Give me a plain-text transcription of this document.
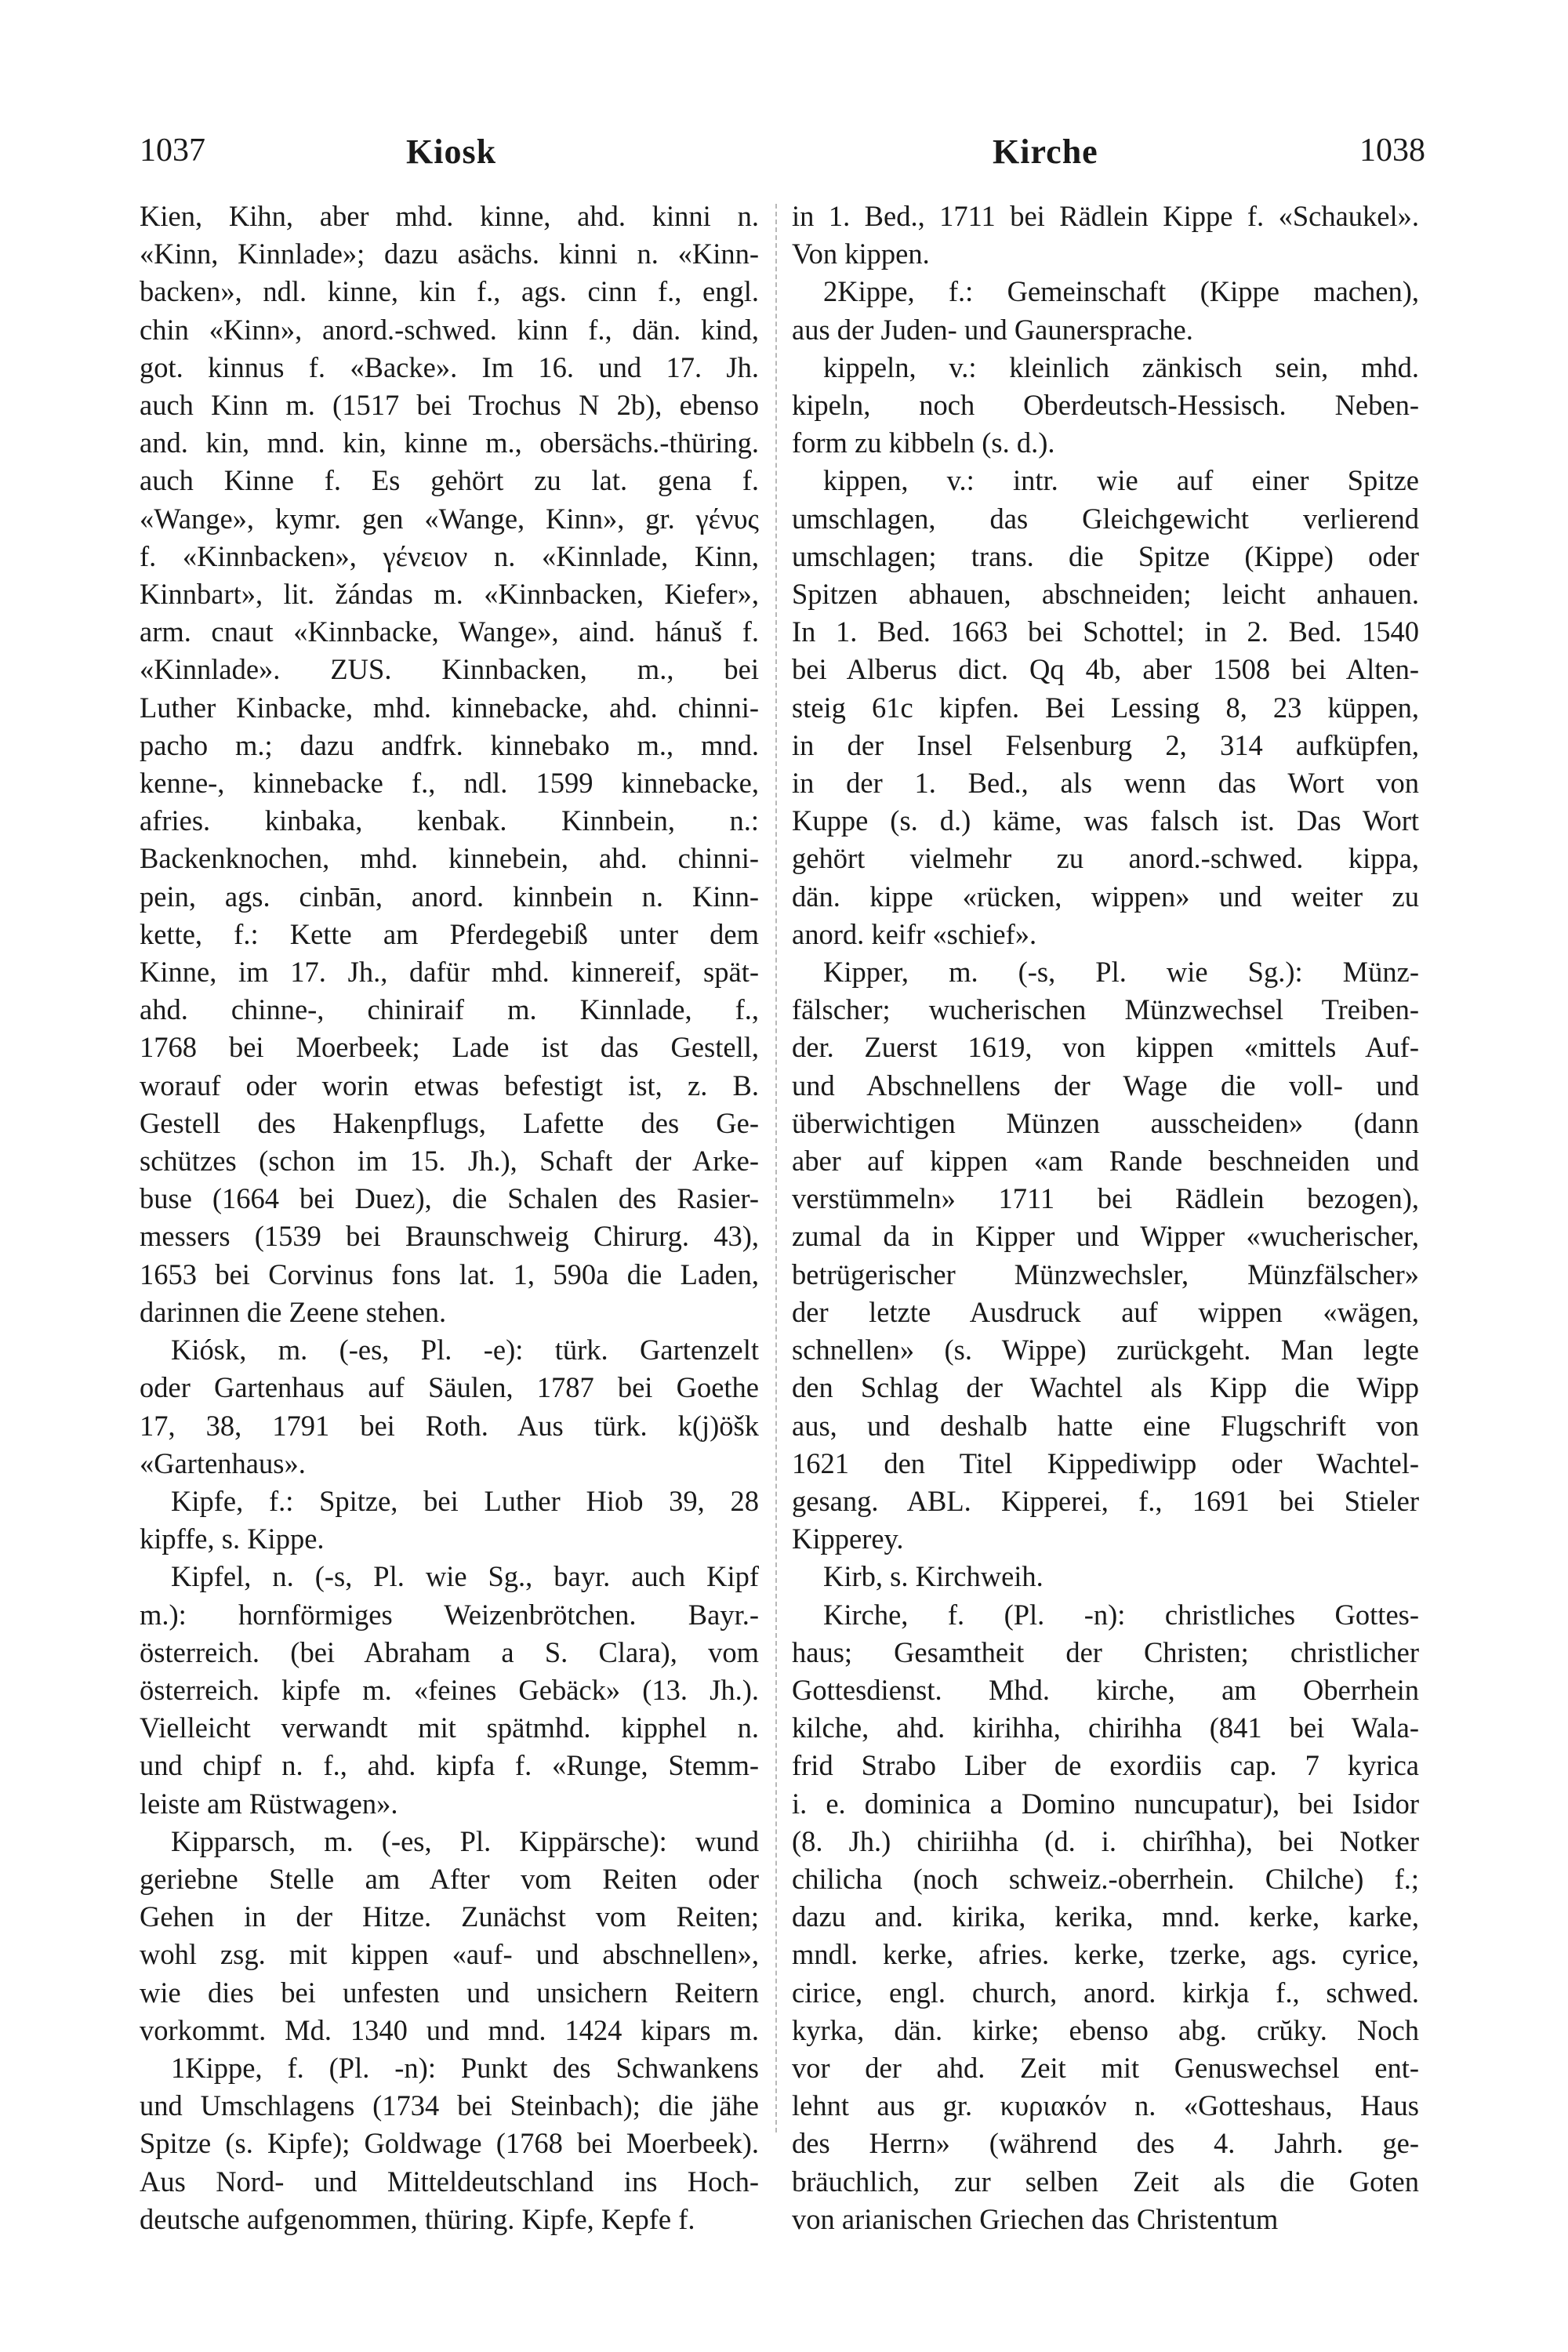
1037	Kiosk	Kirche	1038
Kien, Kihn, aber mhd. kinne, ahd. kinni n.
«Kinn, Kinnlade»; dazu asächs. kinni n. «Kinn-
backen», ndl. kinne, kin f., ags. cinn f., engl.
chin «Kinn», anord.-schwed. kinn f., dän. kind,
got. kinnus f. «Backe». Im 16. und 17. Jh.
auch Kinn m. (1517 bei Trochus N 2b), ebenso
and. kin, mnd. kin, kinne m., obersächs.-thüring.
auch Kinne f. Es gehört zu lat. gena f.
«Wange», kymr. gen «Wange, Kinn», gr. γένυς
f. «Kinnbacken», γένειον n. «Kinnlade, Kinn,
Kinnbart», lit. žándas m. «Kinnbacken, Kiefer»,
arm. cnaut «Kinnbacke, Wange», aind. hánuš f.
«Kinnlade». ZUS. Kinnbacken, m., bei
Luther Kinbacke, mhd. kinnebacke, ahd. chinni-
pacho m.; dazu andfrk. kinnebako m., mnd.
kenne-, kinnebacke f., ndl. 1599 kinnebacke,
afries. kinbaka, kenbak. Kinnbein, n.:
Backenknochen, mhd. kinnebein, ahd. chinni-
pein, ags. cinbān, anord. kinnbein n. Kinn-
kette, f.: Kette am Pferdegebiß unter dem
Kinne, im 17. Jh., dafür mhd. kinnereif, spät-
ahd. chinne-, chiniraif m. Kinnlade, f.,
1768 bei Moerbeek; Lade ist das Gestell,
worauf oder worin etwas befestigt ist, z. B.
Gestell des Hakenpflugs, Lafette des Ge-
schützes (schon im 15. Jh.), Schaft der Arke-
buse (1664 bei Duez), die Schalen des Rasier-
messers (1539 bei Braunschweig Chirurg. 43),
1653 bei Corvinus fons lat. 1, 590a die Laden,
darinnen die Zeene stehen.
Kiósk, m. (-es, Pl. -e): türk. Gartenzelt
oder Gartenhaus auf Säulen, 1787 bei Goethe
17, 38, 1791 bei Roth. Aus türk. k(j)öšk
«Gartenhaus».
Kipfe, f.: Spitze, bei Luther Hiob 39, 28
kipffe, s. Kippe.
Kipfel, n. (-s, Pl. wie Sg., bayr. auch Kipf
m.): hornförmiges Weizenbrötchen. Bayr.-
österreich. (bei Abraham a S. Clara), vom
österreich. kipfe m. «feines Gebäck» (13. Jh.).
Vielleicht verwandt mit spätmhd. kipphel n.
und chipf n. f., ahd. kipfa f. «Runge, Stemm-
leiste am Rüstwagen».
Kipparsch, m. (-es, Pl. Kippärsche): wund
geriebne Stelle am After vom Reiten oder
Gehen in der Hitze. Zunächst vom Reiten;
wohl zsg. mit kippen «auf- und abschnellen»,
wie dies bei unfesten und unsichern Reitern
vorkommt. Md. 1340 und mnd. 1424 kipars m.
1Kippe, f. (Pl. -n): Punkt des Schwankens
und Umschlagens (1734 bei Steinbach); die jähe
Spitze (s. Kipfe); Goldwage (1768 bei Moerbeek).
Aus Nord- und Mitteldeutschland ins Hoch-
deutsche aufgenommen, thüring. Kipfe, Kepfe f.
in 1. Bed., 1711 bei Rädlein Kippe f. «Schaukel».
Von kippen.
2Kippe, f.: Gemeinschaft (Kippe machen),
aus der Juden- und Gaunersprache.
kippeln, v.: kleinlich zänkisch sein, mhd.
kipeln, noch Oberdeutsch-Hessisch. Neben-
form zu kibbeln (s. d.).
kippen, v.: intr. wie auf einer Spitze
umschlagen, das Gleichgewicht verlierend
umschlagen; trans. die Spitze (Kippe) oder
Spitzen abhauen, abschneiden; leicht anhauen.
In 1. Bed. 1663 bei Schottel; in 2. Bed. 1540
bei Alberus dict. Qq 4b, aber 1508 bei Alten-
steig 61c kipfen. Bei Lessing 8, 23 küppen,
in der Insel Felsenburg 2, 314 aufküpfen,
in der 1. Bed., als wenn das Wort von
Kuppe (s. d.) käme, was falsch ist. Das Wort
gehört vielmehr zu anord.-schwed. kippa,
dän. kippe «rücken, wippen» und weiter zu
anord. keifr «schief».
Kipper, m. (-s, Pl. wie Sg.): Münz-
fälscher; wucherischen Münzwechsel Treiben-
der. Zuerst 1619, von kippen «mittels Auf-
und Abschnellens der Wage die voll- und
überwichtigen Münzen ausscheiden» (dann
aber auf kippen «am Rande beschneiden und
verstümmeln» 1711 bei Rädlein bezogen),
zumal da in Kipper und Wipper «wucherischer,
betrügerischer Münzwechsler, Münzfälscher»
der letzte Ausdruck auf wippen «wägen,
schnellen» (s. Wippe) zurückgeht. Man legte
den Schlag der Wachtel als Kipp die Wipp
aus, und deshalb hatte eine Flugschrift von
1621 den Titel Kippediwipp oder Wachtel-
gesang. ABL. Kipperei, f., 1691 bei Stieler
Kipperey.
Kirb, s. Kirchweih.
Kirche, f. (Pl. -n): christliches Gottes-
haus; Gesamtheit der Christen; christlicher
Gottesdienst. Mhd. kirche, am Oberrhein
kilche, ahd. kirihha, chirihha (841 bei Wala-
frid Strabo Liber de exordiis cap. 7 kyrica
i. e. dominica a Domino nuncupatur), bei Isidor
(8. Jh.) chiriihha (d. i. chirîhha), bei Notker
chilicha (noch schweiz.-oberrhein. Chilche) f.;
dazu and. kirika, kerika, mnd. kerke, karke,
mndl. kerke, afries. kerke, tzerke, ags. cyrice,
cirice, engl. church, anord. kirkja f., schwed.
kyrka, dän. kirke; ebenso abg. crŭky. Noch
vor der ahd. Zeit mit Genuswechsel ent-
lehnt aus gr. κυριακόν n. «Gotteshaus, Haus
des Herrn» (während des 4. Jahrh. ge-
bräuchlich, zur selben Zeit als die Goten
von arianischen Griechen das Christentum
